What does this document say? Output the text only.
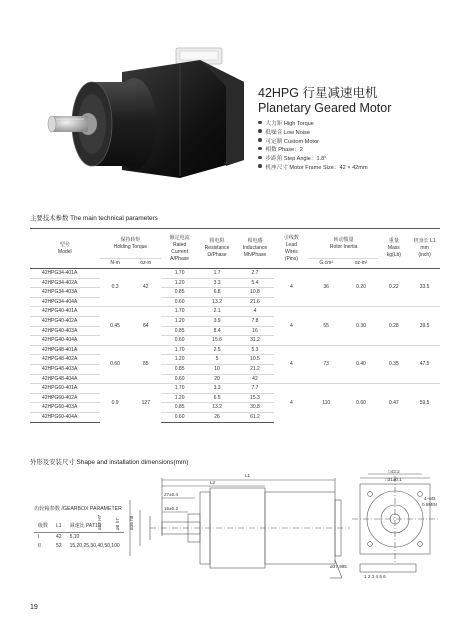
42HPG 行星减速电机
Planetary Geared Motor
大力矩 High Torque
低噪音 Low Noise
可定制 Custom Motor
相数 Phase：2
步距角 Step Angle：1.8°
机座尺寸 Motor Frame Size：42 × 42mm
主要技术参数 The main technical parameters
型号
Model	保持转矩
Holding Torque		额定电流
Rated
Current
A/Phase	相电阻
Resistance
Ω/Phase	相电感
Inductance
Mh/Phase	引线数
Lead
Wires
(Pins)	转动惯量
Rotor Inertia		重量
Mass
kg(Lb)	机身长 L1
mm
(inch)
	N·m	oz-in					G.cm²	oz-in²		
42HPG34-401A	0.3	42	1.70	1.7	2.7	4	36	0.20	0.22	33.5
42HPG34-402A			1.20	3.3	5.4					
42HPG34-403A			0.85	6.8	10.8					
42HPG34-404A			0.60	13.2	21.6					
42HPG40-401A	0.45	64	1.70	2.1	4	4	55	0.30	0.28	39.5
42HPG40-402A			1.20	3.9	7.8					
42HPG40-403A			0.85	8.4	16					
42HPG40-404A			0.60	15.6	31.2					
42HPG48-401A	0.60	85	1.70	2.5	5.3	4	73	0.40	0.35	47.5
42HPG48-402A			1.20	5	10.5					
42HPG48-403A			0.85	10	21.2					
42HPG48-404A			0.60	20	42					
42HPG60-401A	0.9	127	1.70	3.3	7.7	4	110	0.60	0.47	59.5
42HPG60-402A			1.20	6.5	15.3					
42HPG60-403A			0.85	13.2	30.8					
42HPG60-404A			0.60	26	61.2					
外形及安装尺寸 Shape and installation dimensions(mm)
L1
L2
□42.2
□31±0.1
4–M3
0.5MIN
ø22 H7	ø8 h7 ø36 h8
27±0.4
15±0.2
ø37.985
1 2 3 4 5 6
齿轮箱参数 /GEARBOX PARAMETER
级数	L1	减速比 PAT10
I	42	5,10
II	52	15,20,25,30,40,50,100
19
